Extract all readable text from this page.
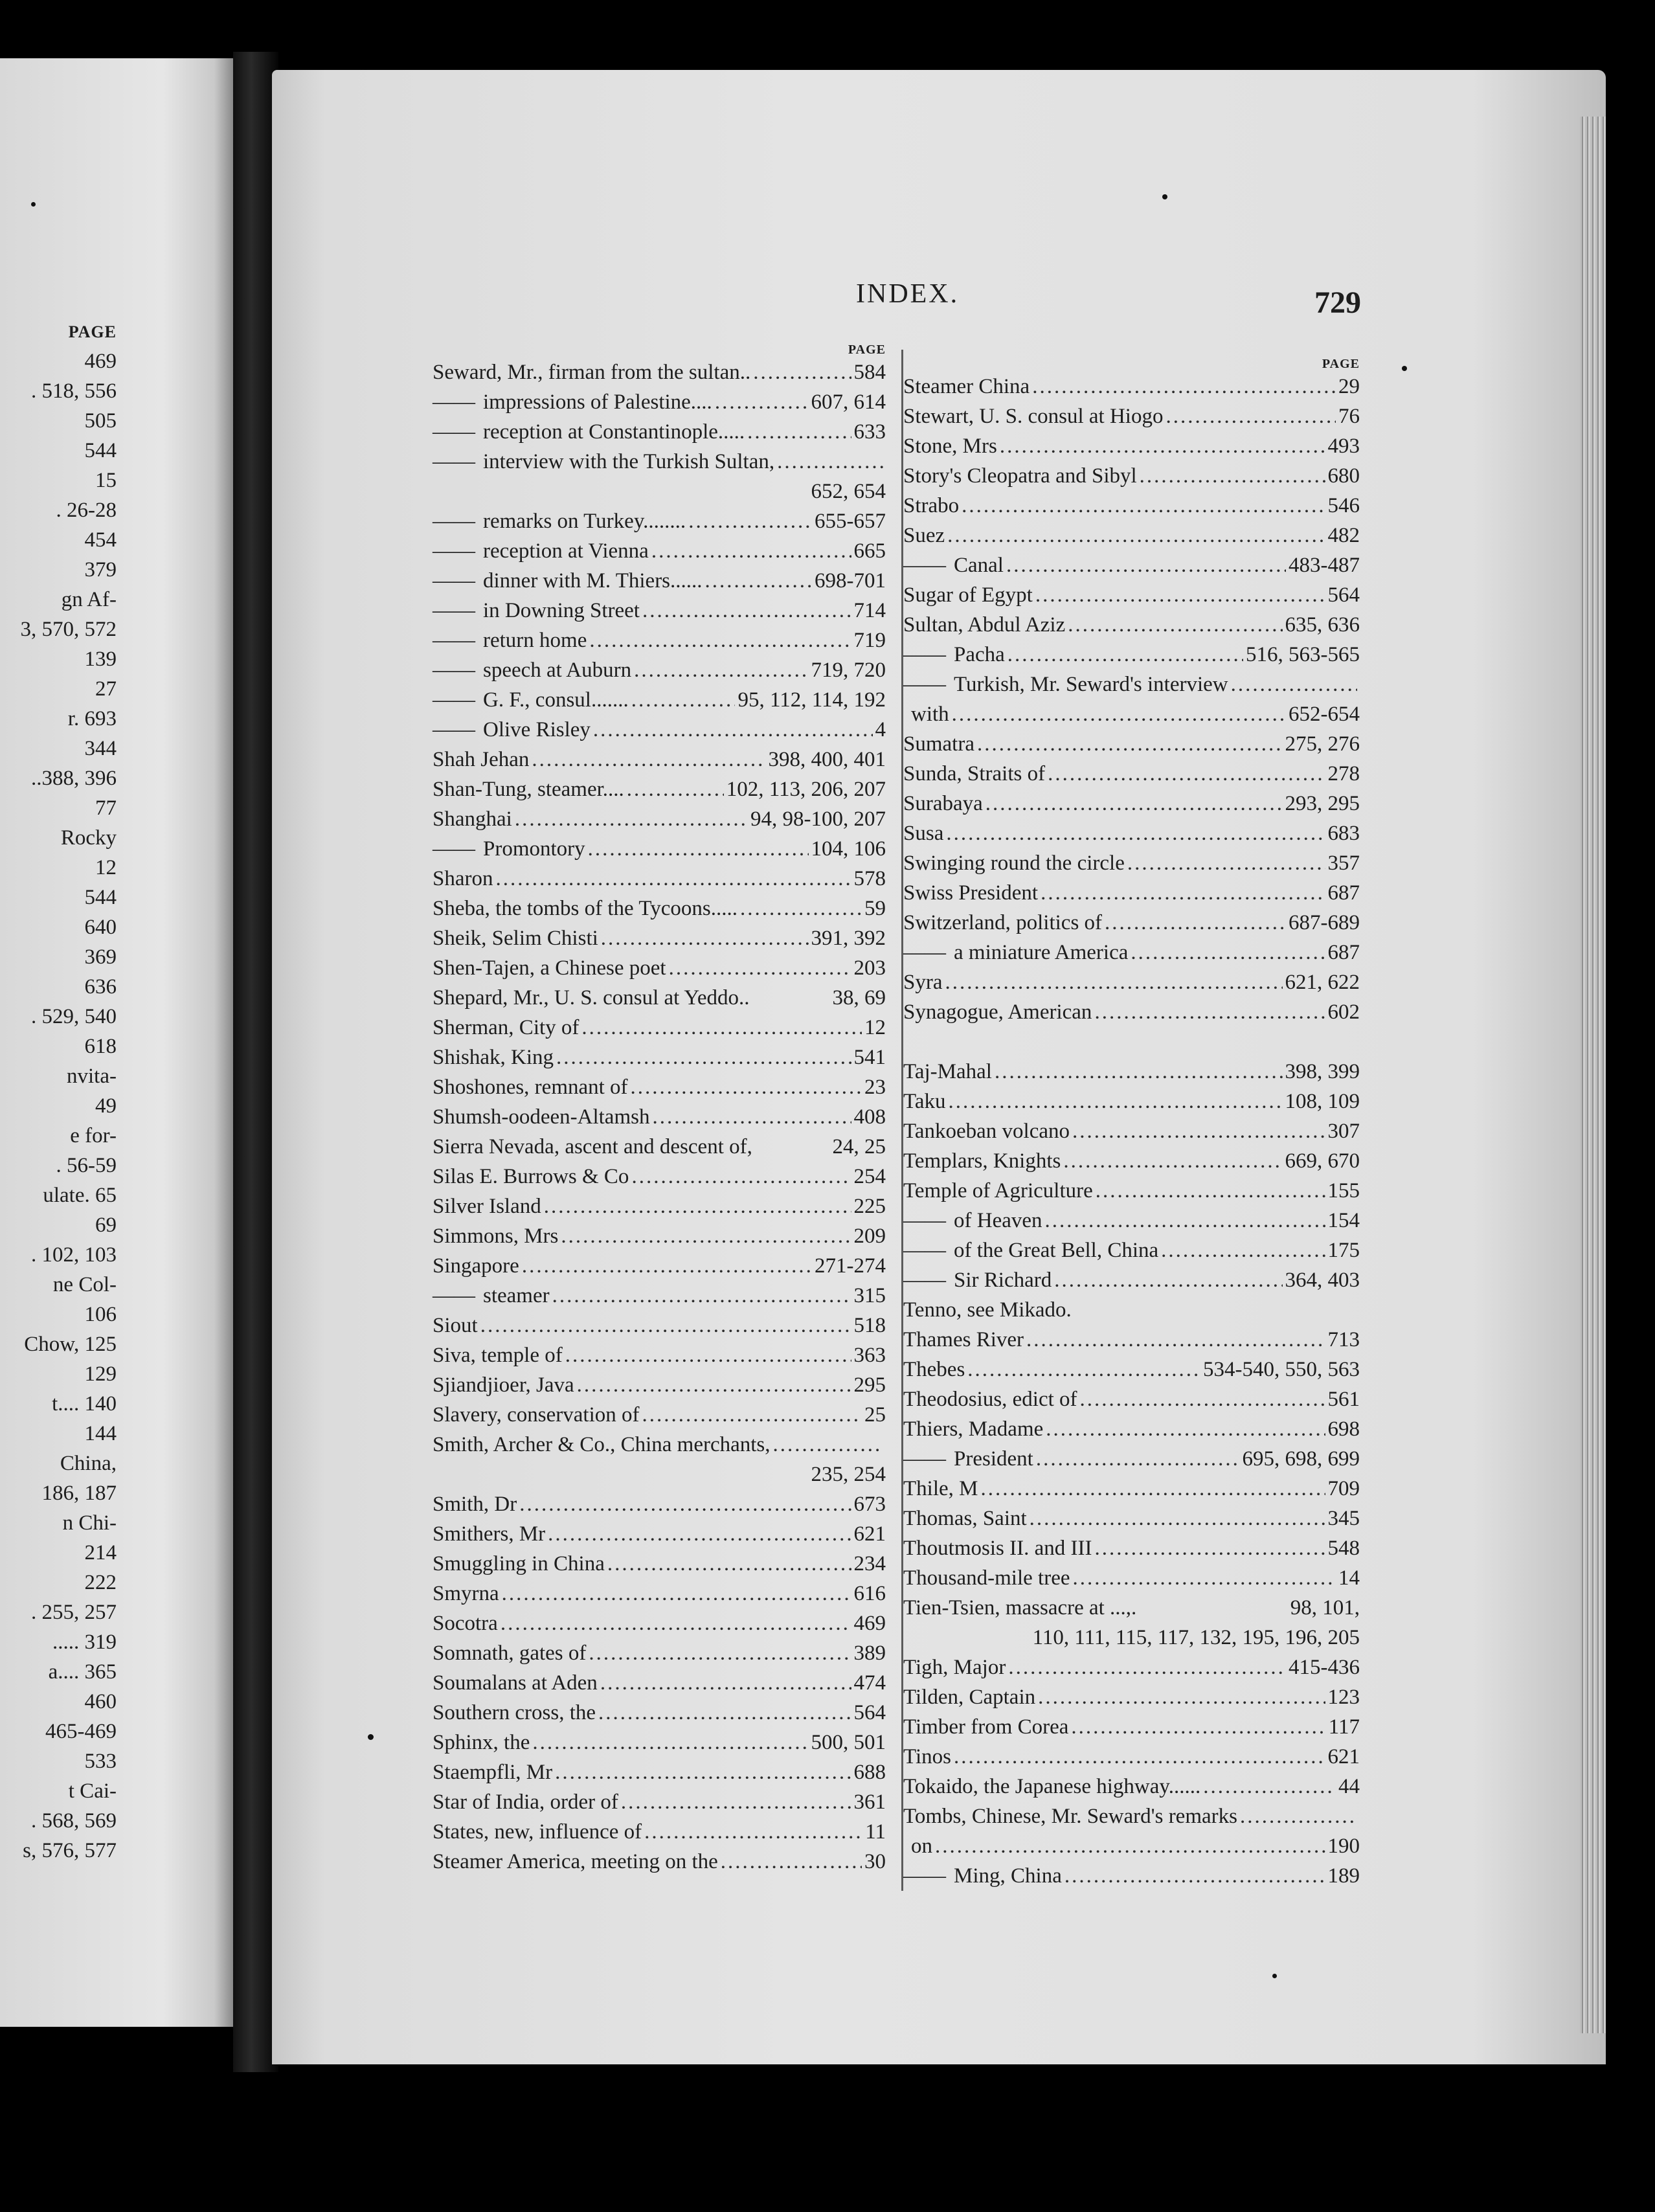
PAGE
469
. 518, 556
505
544
15
. 26-28
454
379
gn Af-
3, 570, 572
139
27
r. 693
344
..388, 396
77
Rocky
12
544
640
369
636
. 529, 540
618
nvita-
49
e for-
. 56-59
ulate. 65
69
. 102, 103
ne Col-
106
Chow, 125
129
t.... 140
144
China,
186, 187
n Chi-
214
222
. 255, 257
..... 319
a.... 365
460
465-469
533
t Cai-
. 568, 569
s, 576, 577
INDEX.	729
PAGE
Seward, Mr., firman from the sultan.. .....	584
—— impressions of Palestine.... .....	607, 614
—— reception at Constantinople..... .....	633
—— interview with the Turkish Sultan,
.....
652, 654
—— remarks on Turkey........ .....	655-657
—— reception at Vienna .....	665
—— dinner with M. Thiers...... .....	698-701
—— in Downing Street .....	714
—— return home .....	719
—— speech at Auburn .....	719, 720
—— G. F., consul....... .....	95, 112, 114, 192
—— Olive Risley .....	4
Shah Jehan .....	398, 400, 401
Shan-Tung, steamer.... .....	102, 113, 206, 207
Shanghai .....	94, 98-100, 207
—— Promontory .....	104, 106
Sharon .....	578
Sheba, the tombs of the Tycoons..... .....	59
Sheik, Selim Chisti .....	391, 392
Shen-Tajen, a Chinese poet .....	203
Shepard, Mr., U. S. consul at Yeddo..	38, 69
Sherman, City of .....	12
Shishak, King .....	541
Shoshones, remnant of .....	23
Shumsh-oodeen-Altamsh .....	408
Sierra Nevada, ascent and descent of,	24, 25
Silas E. Burrows & Co .....	254
Silver Island .....	225
Simmons, Mrs .....	209
Singapore .....	271-274
—— steamer .....	315
Siout .....	518
Siva, temple of .....	363
Sjiandjioer, Java .....	295
Slavery, conservation of .....	25
Smith, Archer & Co., China merchants,
.....
235, 254
Smith, Dr .....	673
Smithers, Mr .....	621
Smuggling in China .....	234
Smyrna .....	616
Socotra .....	469
Somnath, gates of .....	389
Soumalans at Aden .....	474
Southern cross, the .....	564
Sphinx, the .....	500, 501
Staempfli, Mr .....	688
Star of India, order of .....	361
States, new, influence of .....	11
Steamer America, meeting on the .....	30
PAGE
Steamer China .....	29
Stewart, U. S. consul at Hiogo .....	76
Stone, Mrs .....	493
Story's Cleopatra and Sibyl .....	680
Strabo .....	546
Suez .....	482
—— Canal .....	483-487
Sugar of Egypt .....	564
Sultan, Abdul Aziz .....	635, 636
—— Pacha .....	516, 563-565
—— Turkish, Mr. Seward's interview
.....
with .....	652-654
Sumatra .....	275, 276
Sunda, Straits of .....	278
Surabaya .....	293, 295
Susa .....	683
Swinging round the circle .....	357
Swiss President .....	687
Switzerland, politics of .....	687-689
—— a miniature America .....	687
Syra .....	621, 622
Synagogue, American .....	602
Taj-Mahal .....	398, 399
Taku .....	108, 109
Tankoeban volcano .....	307
Templars, Knights .....	669, 670
Temple of Agriculture .....	155
—— of Heaven .....	154
—— of the Great Bell, China .....	175
—— Sir Richard .....	364, 403
Tenno, see Mikado.
Thames River .....	713
Thebes .....	534-540, 550, 563
Theodosius, edict of .....	561
Thiers, Madame .....	698
—— President .....	695, 698, 699
Thile, M .....	709
Thomas, Saint .....	345
Thoutmosis II. and III .....	548
Thousand-mile tree .....	14
Tien-Tsien, massacre at ...,.	98, 101,
110, 111, 115, 117, 132, 195, 196, 205
Tigh, Major .....	415-436
Tilden, Captain .....	123
Timber from Corea .....	117
Tinos .....	621
Tokaido, the Japanese highway...... .....	44
Tombs, Chinese, Mr. Seward's remarks
.....
on .....	190
—— Ming, China .....	189
